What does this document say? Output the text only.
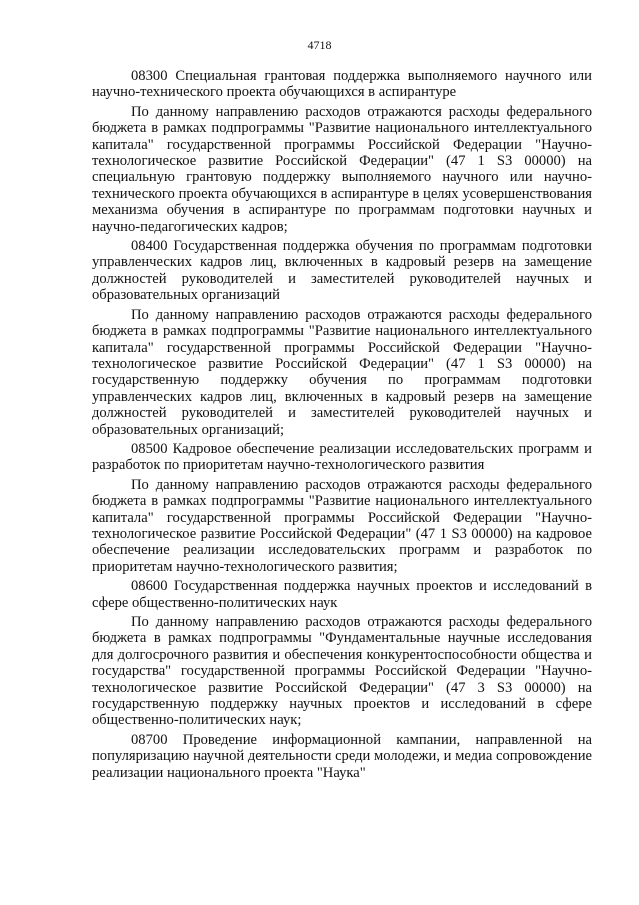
4718

08300 Специальная грантовая поддержка выполняемого научного или научно-технического проекта обучающихся в аспирантуре

По данному направлению расходов отражаются расходы федерального бюджета в рамках подпрограммы "Развитие национального интеллектуального капитала" государственной программы Российской Федерации "Научно-технологическое развитие Российской Федерации" (47 1 S3 00000) на специальную грантовую поддержку выполняемого научного или научно-технического проекта обучающихся в аспирантуре в целях усовершенствования механизма обучения в аспирантуре по программам подготовки научных и научно-педагогических кадров;

08400 Государственная поддержка обучения по программам подготовки управленческих кадров лиц, включенных в кадровый резерв на замещение должностей руководителей и заместителей руководителей научных и образовательных организаций

По данному направлению расходов отражаются расходы федерального бюджета в рамках подпрограммы "Развитие национального интеллектуального капитала" государственной программы Российской Федерации "Научно-технологическое развитие Российской Федерации" (47 1 S3 00000) на государственную поддержку обучения по программам подготовки управленческих кадров лиц, включенных в кадровый резерв на замещение должностей руководителей и заместителей руководителей научных и образовательных организаций;

08500 Кадровое обеспечение реализации исследовательских программ и разработок по приоритетам научно-технологического развития

По данному направлению расходов отражаются расходы федерального бюджета в рамках подпрограммы "Развитие национального интеллектуального капитала" государственной программы Российской Федерации "Научно-технологическое развитие Российской Федерации" (47 1 S3 00000) на кадровое обеспечение реализации исследовательских программ и разработок по приоритетам научно-технологического развития;

08600 Государственная поддержка научных проектов и исследований в сфере общественно-политических наук

По данному направлению расходов отражаются расходы федерального бюджета в рамках подпрограммы "Фундаментальные научные исследования для долгосрочного развития и обеспечения конкурентоспособности общества и государства" государственной программы Российской Федерации "Научно-технологическое развитие Российской Федерации" (47 3 S3 00000) на государственную поддержку научных проектов и исследований в сфере общественно-политических наук;

08700 Проведение информационной кампании, направленной на популяризацию научной деятельности среди молодежи, и медиа сопровождение реализации национального проекта "Наука"
